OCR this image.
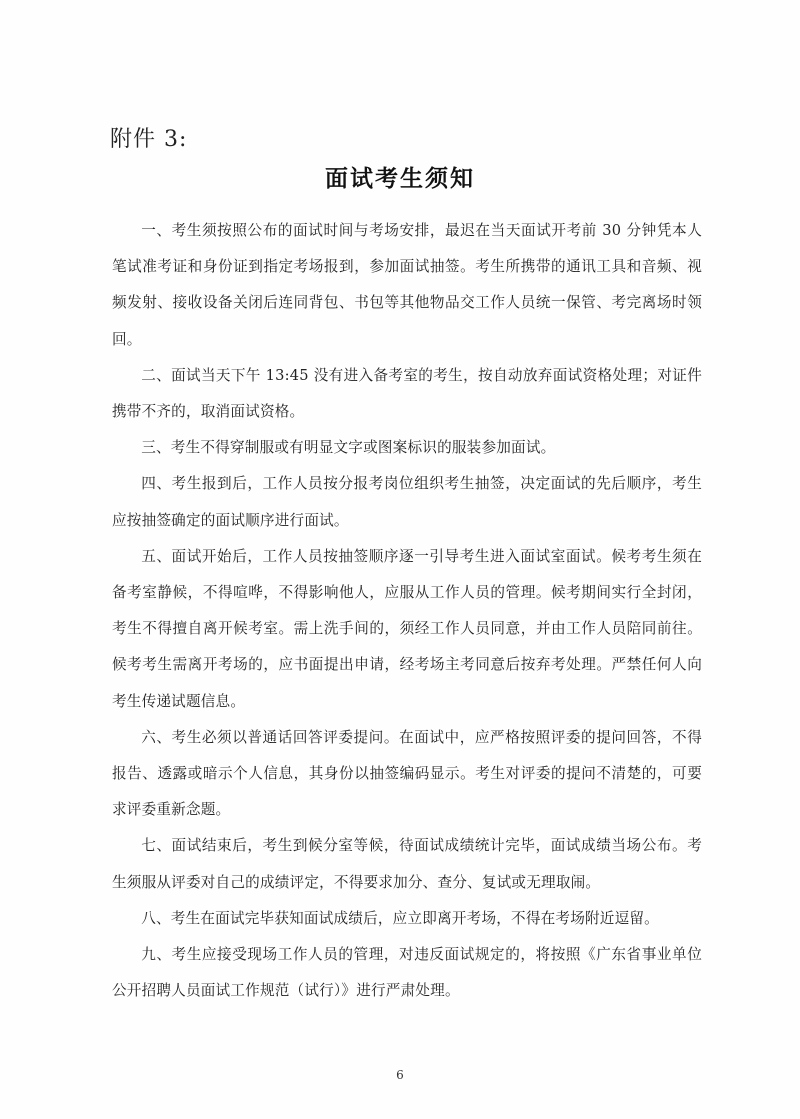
附件 3:
面试考生须知

一、考生须按照公布的面试时间与考场安排，最迟在当天面试开考前 30 分钟凭本人笔试准考证和身份证到指定考场报到，参加面试抽签。考生所携带的通讯工具和音频、视频发射、接收设备关闭后连同背包、书包等其他物品交工作人员统一保管、考完离场时领回。

二、面试当天下午 13:45 没有进入备考室的考生，按自动放弃面试资格处理；对证件携带不齐的，取消面试资格。

三、考生不得穿制服或有明显文字或图案标识的服装参加面试。

四、考生报到后，工作人员按分报考岗位组织考生抽签，决定面试的先后顺序，考生应按抽签确定的面试顺序进行面试。

五、面试开始后，工作人员按抽签顺序逐一引导考生进入面试室面试。候考考生须在备考室静候，不得喧哗，不得影响他人，应服从工作人员的管理。候考期间实行全封闭，考生不得擅自离开候考室。需上洗手间的，须经工作人员同意，并由工作人员陪同前往。候考考生需离开考场的，应书面提出申请，经考场主考同意后按弃考处理。严禁任何人向考生传递试题信息。

六、考生必须以普通话回答评委提问。在面试中，应严格按照评委的提问回答，不得报告、透露或暗示个人信息，其身份以抽签编码显示。考生对评委的提问不清楚的，可要求评委重新念题。

七、面试结束后，考生到候分室等候，待面试成绩统计完毕，面试成绩当场公布。考生须服从评委对自己的成绩评定，不得要求加分、查分、复试或无理取闹。

八、考生在面试完毕获知面试成绩后，应立即离开考场，不得在考场附近逗留。

九、考生应接受现场工作人员的管理，对违反面试规定的，将按照《广东省事业单位公开招聘人员面试工作规范（试行）》进行严肃处理。

6
